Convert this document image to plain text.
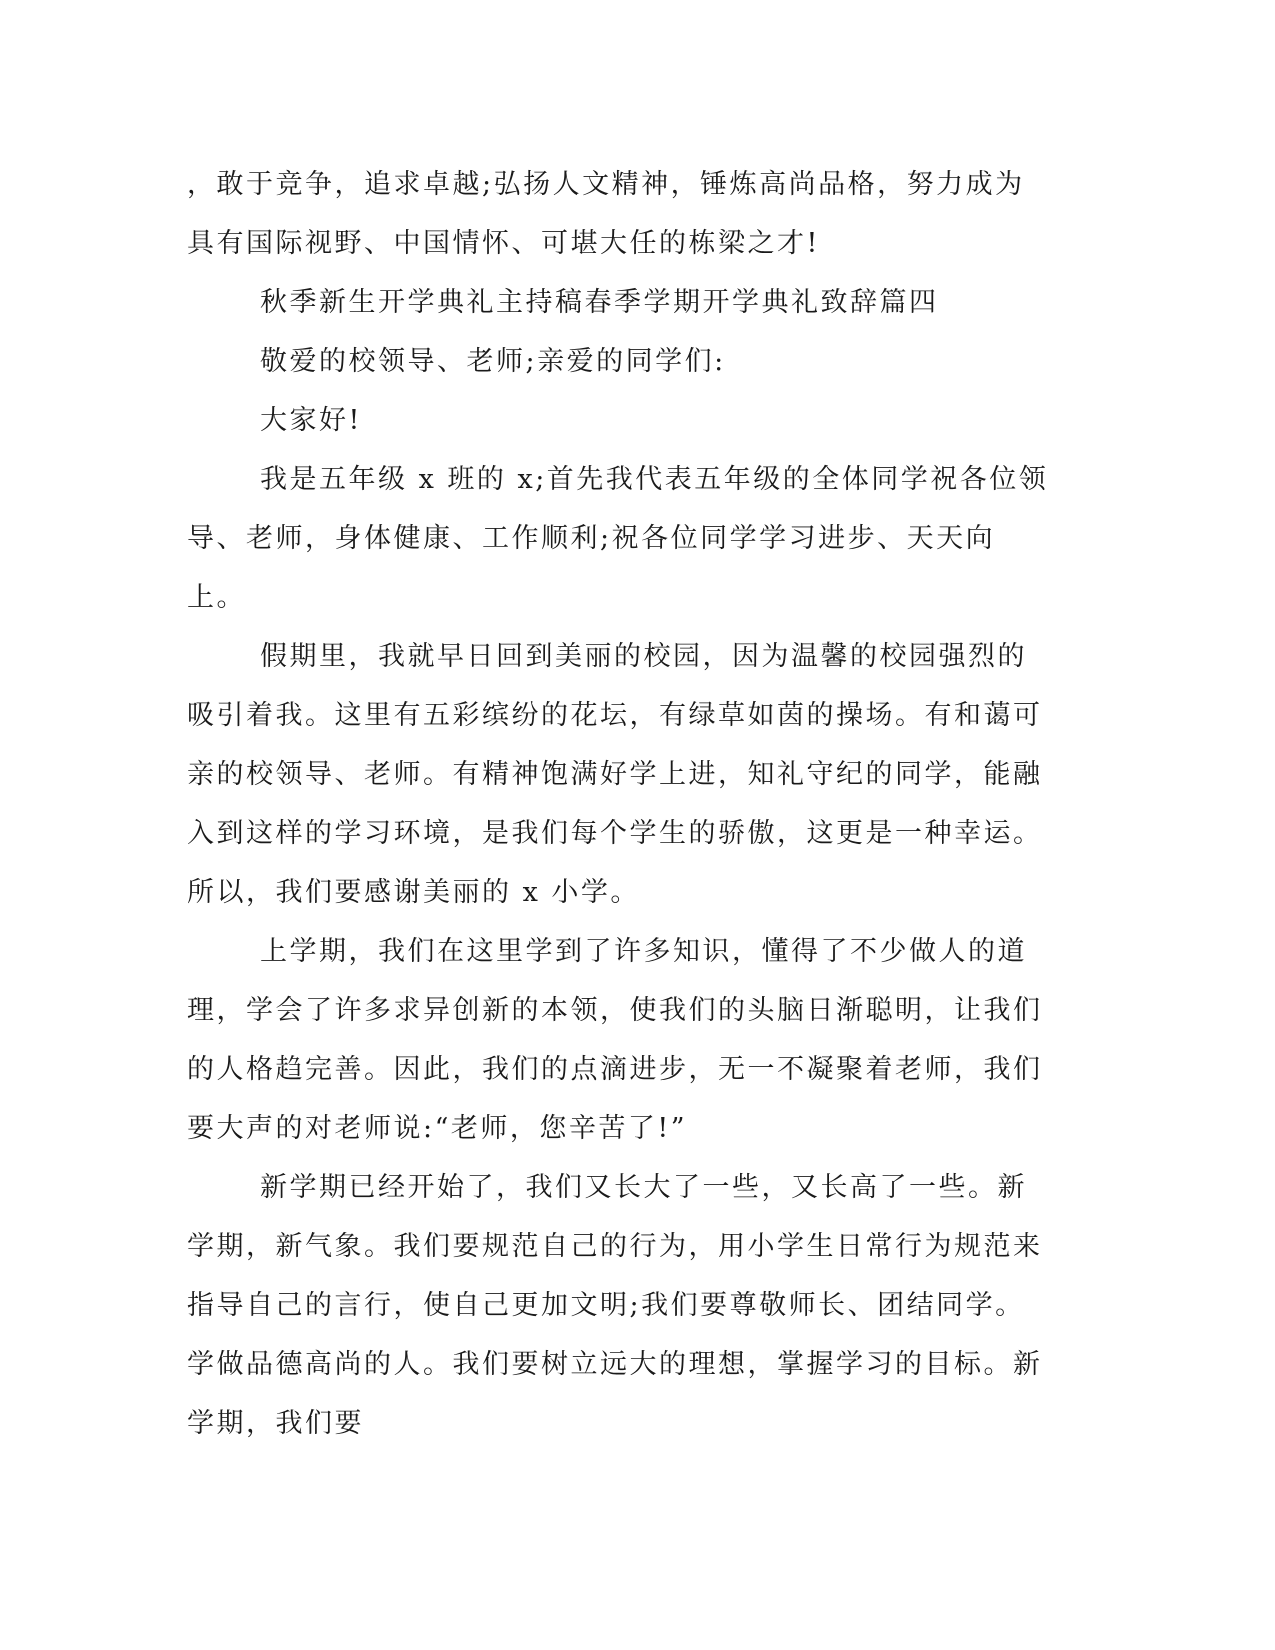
，敢于竞争，追求卓越;弘扬人文精神，锤炼高尚品格，努力成为具有国际视野、中国情怀、可堪大任的栋梁之才!

秋季新生开学典礼主持稿春季学期开学典礼致辞篇四

敬爱的校领导、老师;亲爱的同学们:

大家好!

我是五年级 x 班的 x;首先我代表五年级的全体同学祝各位领导、老师，身体健康、工作顺利;祝各位同学学习进步、天天向上。

假期里，我就早日回到美丽的校园，因为温馨的校园强烈的吸引着我。这里有五彩缤纷的花坛，有绿草如茵的操场。有和蔼可亲的校领导、老师。有精神饱满好学上进，知礼守纪的同学，能融入到这样的学习环境，是我们每个学生的骄傲，这更是一种幸运。所以，我们要感谢美丽的 x 小学。

上学期，我们在这里学到了许多知识，懂得了不少做人的道理，学会了许多求异创新的本领，使我们的头脑日渐聪明，让我们的人格趋完善。因此，我们的点滴进步，无一不凝聚着老师，我们要大声的对老师说:“老师，您辛苦了!”

新学期已经开始了，我们又长大了一些，又长高了一些。新学期，新气象。我们要规范自己的行为，用小学生日常行为规范来指导自己的言行，使自己更加文明;我们要尊敬师长、团结同学。学做品德高尚的人。我们要树立远大的理想，掌握学习的目标。新学期，我们要
